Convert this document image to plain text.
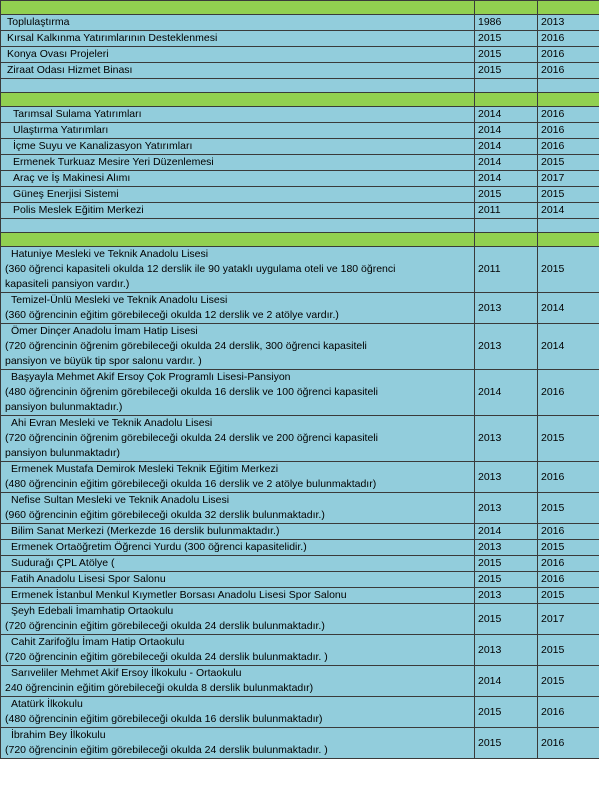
Toplulaştırma	1986	2013
Kırsal Kalkınma Yatırımlarının Desteklenmesi	2015	2016
Konya Ovası Projeleri	2015	2016
Ziraat Odası Hizmet Binası	2015	2016

Tarımsal Sulama Yatırımları	2014	2016
Ulaştırma Yatırımları	2014	2016
İçme Suyu ve Kanalizasyon Yatırımları	2014	2016
Ermenek Turkuaz Mesire Yeri Düzenlemesi	2014	2015
Araç ve İş Makinesi Alımı	2014	2017
Güneş Enerjisi Sistemi	2015	2015
Polis Meslek Eğitim Merkezi	2011	2014

Hatuniye Mesleki ve Teknik Anadolu Lisesi
(360 öğrenci kapasiteli okulda 12 derslik ile 90 yataklı uygulama oteli ve 180 öğrenci
kapasiteli pansiyon vardır.)	2011	2015

Temizel-Ünlü Mesleki ve Teknik Anadolu Lisesi
(360 öğrencinin eğitim görebileceği okulda 12 derslik ve 2 atölye vardır.)	2013	2014

Ömer Dinçer Anadolu İmam Hatip Lisesi
(720 öğrencinin öğrenim görebileceği okulda 24 derslik, 300 öğrenci kapasiteli
pansiyon ve büyük tip spor salonu vardır. )	2013	2014

Başyayla Mehmet Akif Ersoy Çok Programlı Lisesi-Pansiyon
(480 öğrencinin öğrenim görebileceği okulda 16 derslik ve 100 öğrenci kapasiteli
pansiyon bulunmaktadır.)	2014	2016

Ahi Evran Mesleki ve Teknik Anadolu Lisesi
(720 öğrencinin öğrenim görebileceği okulda 24 derslik ve 200 öğrenci kapasiteli
pansiyon bulunmaktadır)	2013	2015

Ermenek Mustafa Demirok Mesleki Teknik Eğitim Merkezi
(480 öğrencinin eğitim görebileceği okulda 16 derslik ve 2 atölye bulunmaktadır)	2013	2016

Nefise Sultan Mesleki ve Teknik Anadolu Lisesi
(960 öğrencinin eğitim görebileceği okulda 32 derslik bulunmaktadır.)	2013	2015

Bilim Sanat Merkezi (Merkezde 16 derslik bulunmaktadır.)	2014	2016

Ermenek Ortaöğretim Öğrenci Yurdu (300 öğrenci kapasitelidir.)	2013	2015

Sudurağı ÇPL Atölye (	2015	2016

Fatih Anadolu Lisesi Spor Salonu	2015	2016

Ermenek İstanbul Menkul Kıymetler Borsası Anadolu Lisesi Spor Salonu	2013	2015

Şeyh Edebali İmamhatip Ortaokulu
(720 öğrencinin eğitim görebileceği okulda 24 derslik bulunmaktadır.)	2015	2017

Cahit Zarifoğlu İmam Hatip Ortaokulu
(720 öğrencinin eğitim görebileceği okulda 24 derslik bulunmaktadır. )	2013	2015

Sarıveliler Mehmet Akif Ersoy İlkokulu - Ortaokulu
240 öğrencinin eğitim görebileceği okulda 8 derslik bulunmaktadır)	2014	2015

Atatürk İlkokulu
(480 öğrencinin eğitim görebileceği okulda 16 derslik bulunmaktadır)	2015	2016

İbrahim Bey İlkokulu
(720 öğrencinin eğitim görebileceği okulda 24 derslik bulunmaktadır. )	2015	2016
